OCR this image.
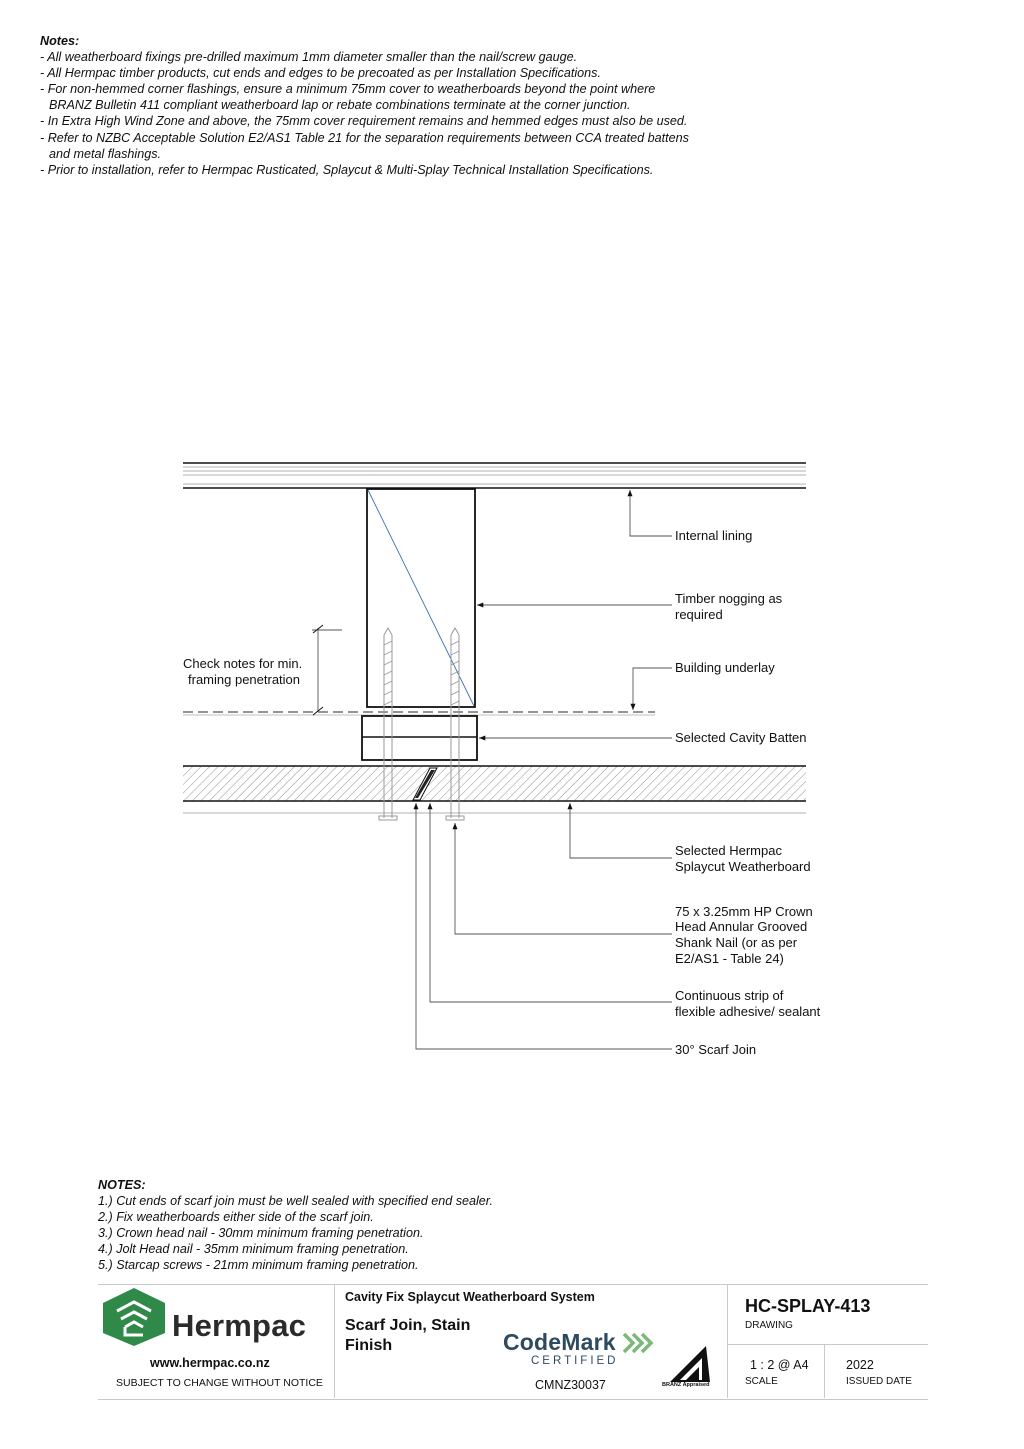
Notes:
- All weatherboard fixings pre-drilled maximum 1mm diameter smaller than the nail/screw gauge.
- All Hermpac timber products, cut ends and edges to be precoated as per Installation Specifications.
- For non-hemmed corner flashings, ensure a minimum 75mm cover to weatherboards beyond the point where BRANZ Bulletin 411 compliant weatherboard lap or rebate combinations terminate at the corner junction.
- In Extra High Wind Zone and above, the 75mm cover requirement remains and hemmed edges must also be used.
- Refer to NZBC Acceptable Solution E2/AS1 Table 21 for the separation requirements between CCA treated battens and metal flashings.
- Prior to installation, refer to Hermpac Rusticated, Splaycut & Multi-Splay Technical Installation Specifications.
Check notes for min.
framing penetration
Internal lining
Timber nogging as
required
Building underlay
Selected Cavity Batten
Selected Hermpac
Splaycut Weatherboard
75 x 3.25mm HP Crown
Head Annular Grooved
Shank Nail (or as per
E2/AS1 - Table 24)
Continuous strip of
flexible adhesive/ sealant
30° Scarf Join
NOTES:
1.) Cut ends of scarf join must be well sealed with specified end sealer.
2.) Fix weatherboards either side of the scarf join.
3.) Crown head nail - 30mm minimum framing penetration.
4.) Jolt Head nail - 35mm minimum framing penetration.
5.) Starcap screws - 21mm minimum framing penetration.
Hermpac
www.hermpac.co.nz
SUBJECT TO CHANGE WITHOUT NOTICE
Cavity Fix Splaycut Weatherboard System
Scarf Join, Stain Finish	CodeMark
CERTIFIED
CMNZ30037	BRANZ Appraised
HC-SPLAY-413
DRAWING
1 : 2 @ A4
SCALE
2022
ISSUED DATE
